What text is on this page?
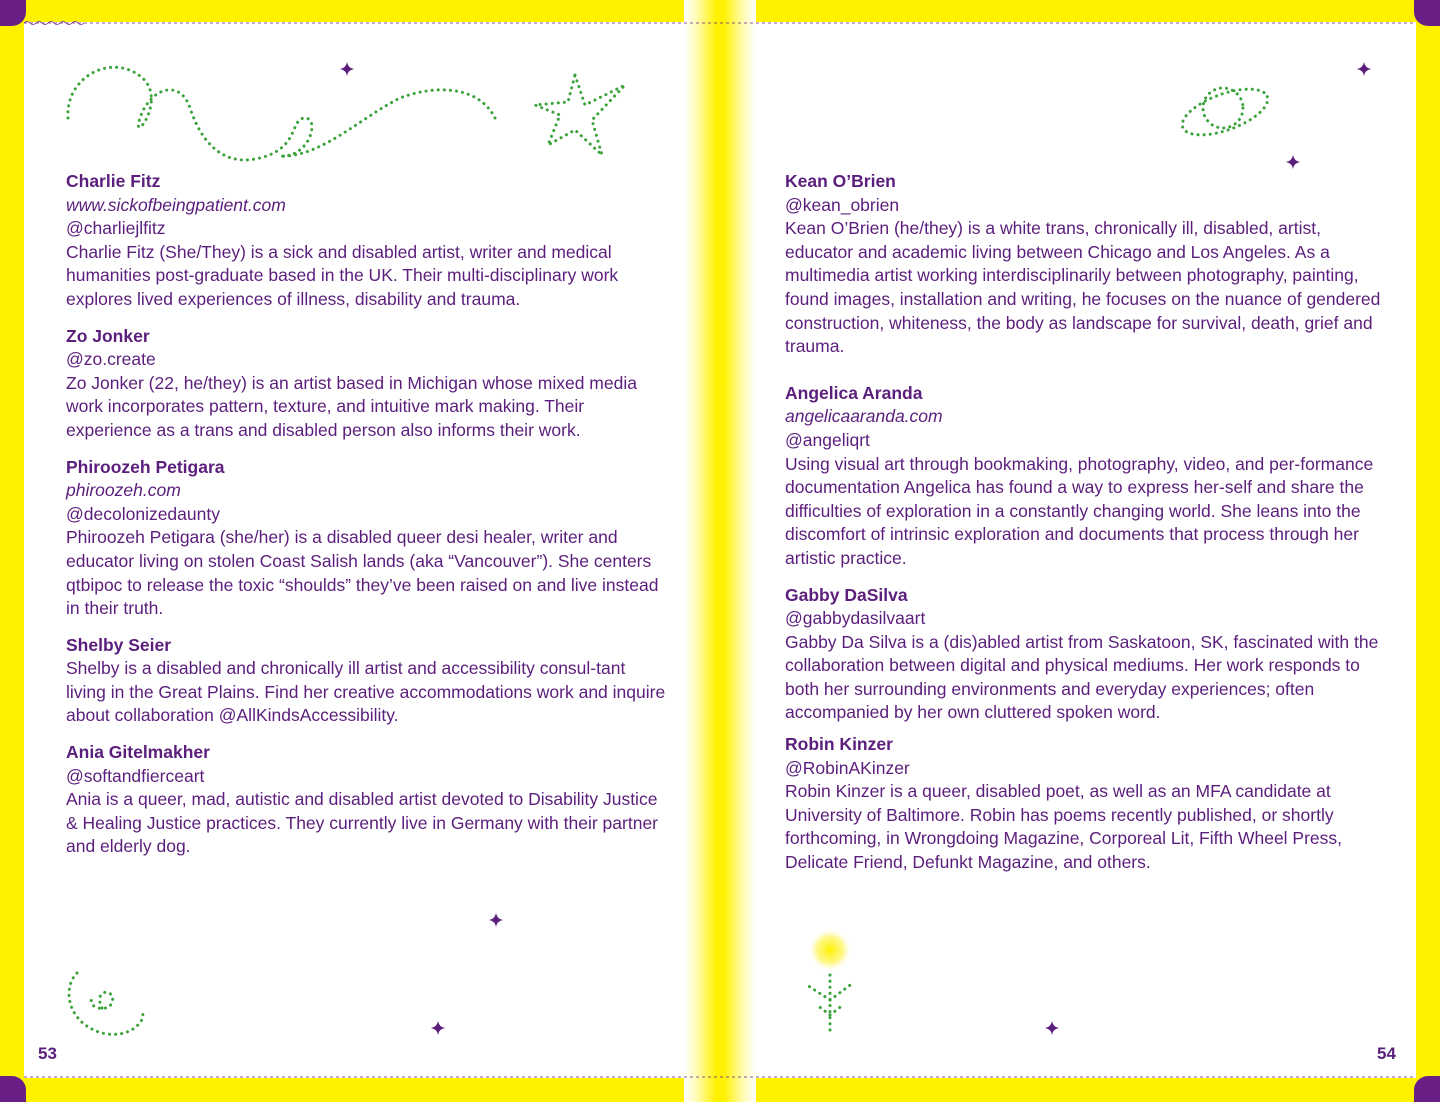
Charlie Fitz

www.sickofbeingpatient.com

@charliejlfitz

Charlie Fitz (She/They) is a sick and disabled artist, writer and medical humanities post-graduate based in the UK. Their multi-disciplinary work explores lived experiences of illness, disability and trauma.

Zo Jonker

@zo.create

Zo Jonker (22, he/they) is an artist based in Michigan whose mixed media work incorporates pattern, texture, and intuitive mark making. Their experience as a trans and disabled person also informs their work.

Phiroozeh Petigara

phiroozeh.com

@decolonizedaunty

Phiroozeh Petigara (she/her) is a disabled queer desi healer, writer and educator living on stolen Coast Salish lands (aka “Vancouver”). She centers qtbipoc to release the toxic “shoulds” they’ve been raised on and live instead in their truth.

Shelby Seier

Shelby is a disabled and chronically ill artist and accessibility consul-tant living in the Great Plains. Find her creative accommodations work and inquire about collaboration @AllKindsAccessibility.

Ania Gitelmakher

@softandfierceart

Ania is a queer, mad, autistic and disabled artist devoted to Disability Justice & Healing Justice practices. They currently live in Germany with their partner and elderly dog.

Kean O’Brien

@kean_obrien

Kean O’Brien (he/they) is a white trans, chronically ill, disabled, artist, educator and academic living between Chicago and Los Angeles. As a multimedia artist working interdisciplinarily between photography, painting, found images, installation and writing, he focuses on the nuance of gendered construction, whiteness, the body as landscape for survival, death, grief and trauma.

Angelica Aranda

angelicaaranda.com

@angeliqrt

Using visual art through bookmaking, photography, video, and per-formance documentation Angelica has found a way to express her-self and share the difficulties of exploration in a constantly changing world. She leans into the discomfort of intrinsic exploration and documents that process through her artistic practice.

Gabby DaSilva

@gabbydasilvaart

Gabby Da Silva is a (dis)abled artist from Saskatoon, SK, fascinated with the collaboration between digital and physical mediums. Her work responds to both her surrounding environments and everyday experiences; often accompanied by her own cluttered spoken word.

Robin Kinzer

@RobinAKinzer

Robin Kinzer is a queer, disabled poet, as well as an MFA candidate at University of Baltimore. Robin has poems recently published, or shortly forthcoming, in Wrongdoing Magazine, Corporeal Lit, Fifth Wheel Press, Delicate Friend, Defunkt Magazine, and others.

53	54
